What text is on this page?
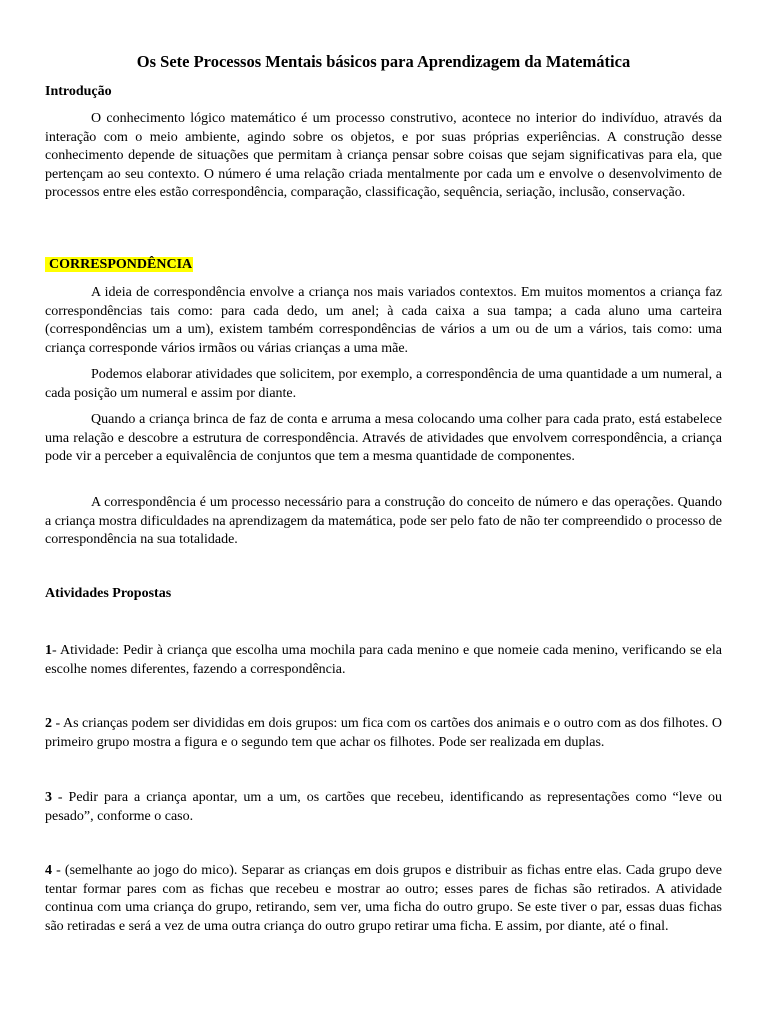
Os Sete Processos Mentais básicos para Aprendizagem da Matemática
Introdução

O conhecimento lógico matemático é um processo construtivo, acontece no interior do indivíduo, através da interação com o meio ambiente, agindo sobre os objetos, e por suas próprias experiências. A construção desse conhecimento depende de situações que permitam à criança pensar sobre coisas que sejam significativas para ela, que pertençam ao seu contexto. O número é uma relação criada mentalmente por cada um e envolve o desenvolvimento de processos entre eles estão correspondência, comparação, classificação, sequência, seriação, inclusão, conservação.

CORRESPONDÊNCIA

A ideia de correspondência envolve a criança nos mais variados contextos. Em muitos momentos a criança faz correspondências tais como: para cada dedo, um anel; à cada caixa a sua tampa; a cada aluno uma carteira (correspondências um a um), existem também correspondências de vários a um ou de um a vários, tais como: uma criança corresponde vários irmãos ou várias crianças a uma mãe.

Podemos elaborar atividades que solicitem, por exemplo, a correspondência de uma quantidade a um numeral, a cada posição um numeral e assim por diante.

Quando a criança brinca de faz de conta e arruma a mesa colocando uma colher para cada prato, está estabelece uma relação e descobre a estrutura de correspondência. Através de atividades que envolvem correspondência, a criança pode vir a perceber a equivalência de conjuntos que tem a mesma quantidade de componentes.

A correspondência é um processo necessário para a construção do conceito de número e das operações. Quando a criança mostra dificuldades na aprendizagem da matemática, pode ser pelo fato de não ter compreendido o processo de correspondência na sua totalidade.

Atividades Propostas

1- Atividade: Pedir à criança que escolha uma mochila para cada menino e que nomeie cada menino, verificando se ela escolhe nomes diferentes, fazendo a correspondência.

2 - As crianças podem ser divididas em dois grupos: um fica com os cartões dos animais e o outro com as dos filhotes. O primeiro grupo mostra a figura e o segundo tem que achar os filhotes. Pode ser realizada em duplas.

3 - Pedir para a criança apontar, um a um, os cartões que recebeu, identificando as representações como “leve ou pesado”, conforme o caso.

4 - (semelhante ao jogo do mico). Separar as crianças em dois grupos e distribuir as fichas entre elas. Cada grupo deve tentar formar pares com as fichas que recebeu e mostrar ao outro; esses pares de fichas são retirados. A atividade continua com uma criança do grupo, retirando, sem ver, uma ficha do outro grupo. Se este tiver o par, essas duas fichas são retiradas e será a vez de uma outra criança do outro grupo retirar uma ficha. E assim, por diante, até o final.
